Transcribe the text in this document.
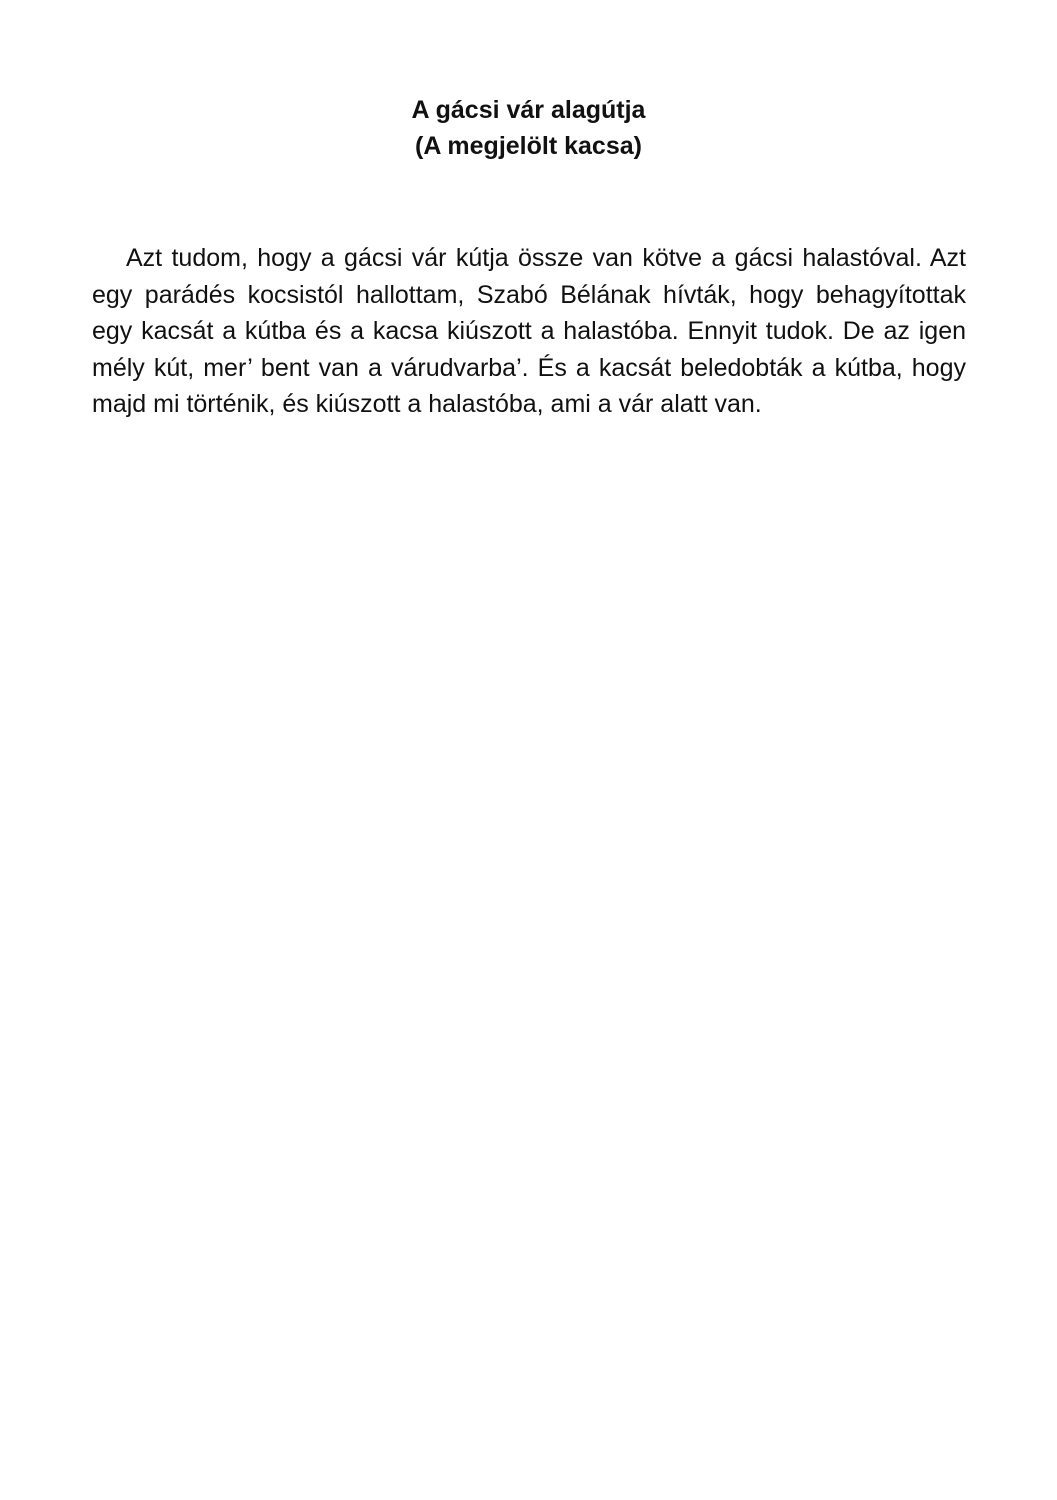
A gácsi vár alagútja
(A megjelölt kacsa)

Azt tudom, hogy a gácsi vár kútja össze van kötve a gácsi halastóval. Azt egy parádés kocsistól hallottam, Szabó Bélának hívták, hogy behagyítottak egy kacsát a kútba és a kacsa kiúszott a halastóba. Ennyit tudok. De az igen mély kút, mer’ bent van a várudvarba’. És a kacsát beledobták a kútba, hogy majd mi történik, és kiúszott a halastóba, ami a vár alatt van.
